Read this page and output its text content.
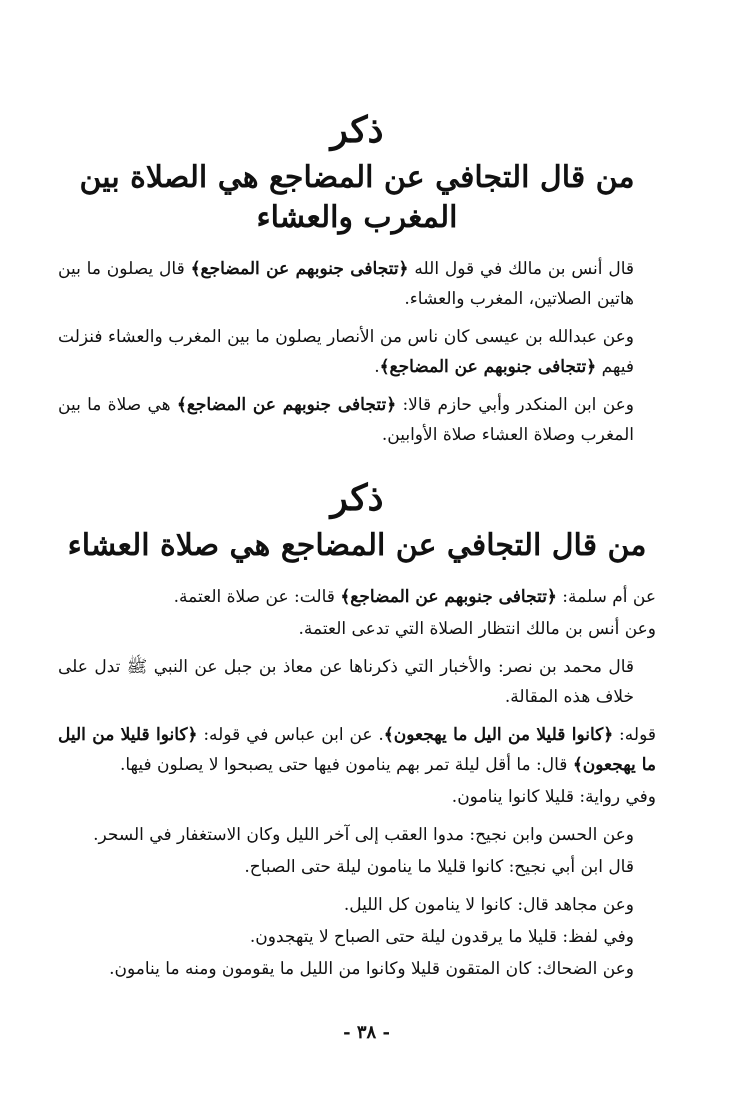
ذكر
من قال التجافي عن المضاجع هي الصلاة بين المغرب والعشاء

قال أنس بن مالك في قول الله ﴿تتجافى جنوبهم عن المضاجع﴾ قال يصلون ما بين هاتين الصلاتين، المغرب والعشاء.

وعن عبدالله بن عيسى كان ناس من الأنصار يصلون ما بين المغرب والعشاء فنزلت فيهم ﴿تتجافى جنوبهم عن المضاجع﴾.

وعن ابن المنكدر وأبي حازم قالا: ﴿تتجافى جنوبهم عن المضاجع﴾ هي صلاة ما بين المغرب وصلاة العشاء صلاة الأوابين.

ذكر
من قال التجافي عن المضاجع هي صلاة العشاء

عن أم سلمة: ﴿تتجافى جنوبهم عن المضاجع﴾ قالت: عن صلاة العتمة.

وعن أنس بن مالك انتظار الصلاة التي تدعى العتمة.

قال محمد بن نصر: والأخبار التي ذكرناها عن معاذ بن جبل عن النبي ﷺ تدل على خلاف هذه المقالة.

قوله: ﴿كانوا قليلا من اليل ما يهجعون﴾. عن ابن عباس في قوله: ﴿كانوا قليلا من اليل ما يهجعون﴾ قال: ما أقل ليلة تمر بهم ينامون فيها حتى يصبحوا لا يصلون فيها.

وفي رواية: قليلا كانوا ينامون.

وعن الحسن وابن نجيح: مدوا العقب إلى آخر الليل وكان الاستغفار في السحر.

قال ابن أبي نجيح: كانوا قليلا ما ينامون ليلة حتى الصباح.

وعن مجاهد قال: كانوا لا ينامون كل الليل.

وفي لفظ: قليلا ما يرقدون ليلة حتى الصباح لا يتهجدون.

وعن الضحاك: كان المتقون قليلا وكانوا من الليل ما يقومون ومنه ما ينامون.

- ٣٨ -
